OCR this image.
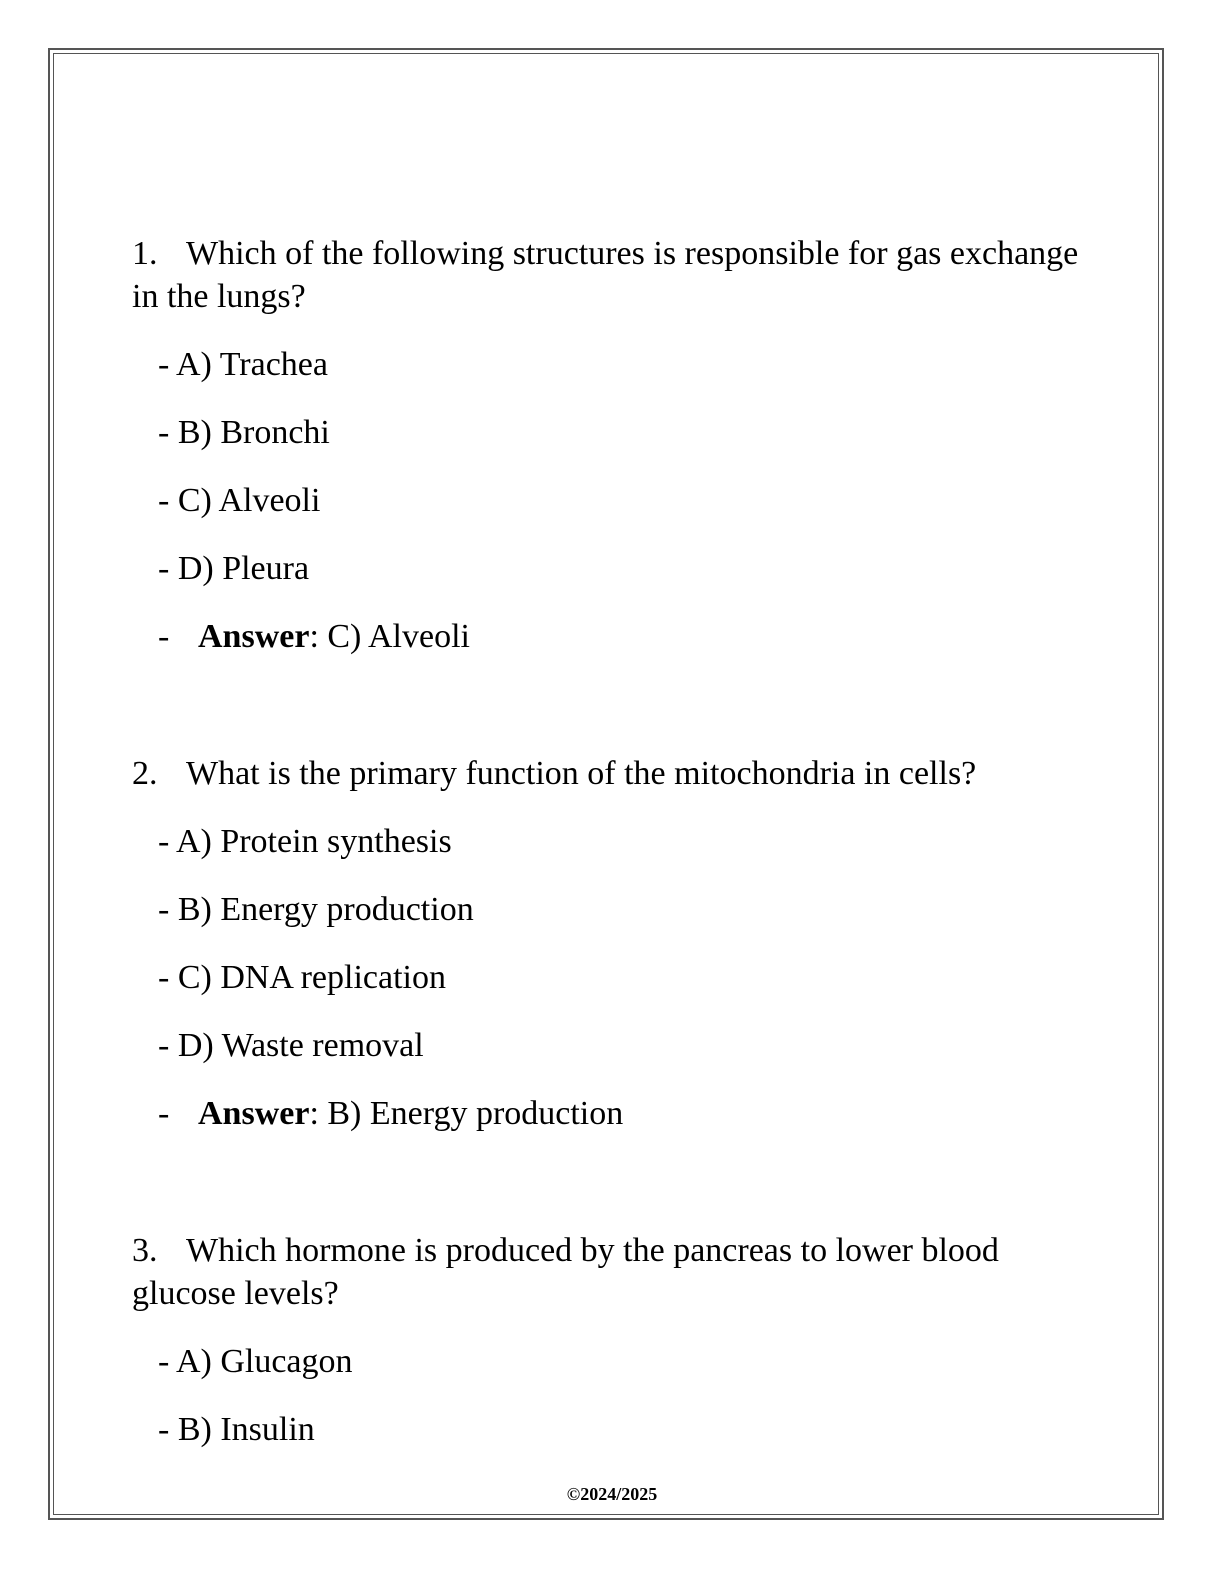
1. Which of the following structures is responsible for gas exchange in the lungs?

- A) Trachea
- B) Bronchi
- C) Alveoli
- D) Pleura
- Answer: C) Alveoli

2. What is the primary function of the mitochondria in cells?

- A) Protein synthesis
- B) Energy production
- C) DNA replication
- D) Waste removal
- Answer: B) Energy production

3. Which hormone is produced by the pancreas to lower blood glucose levels?

- A) Glucagon
- B) Insulin
©2024/2025
